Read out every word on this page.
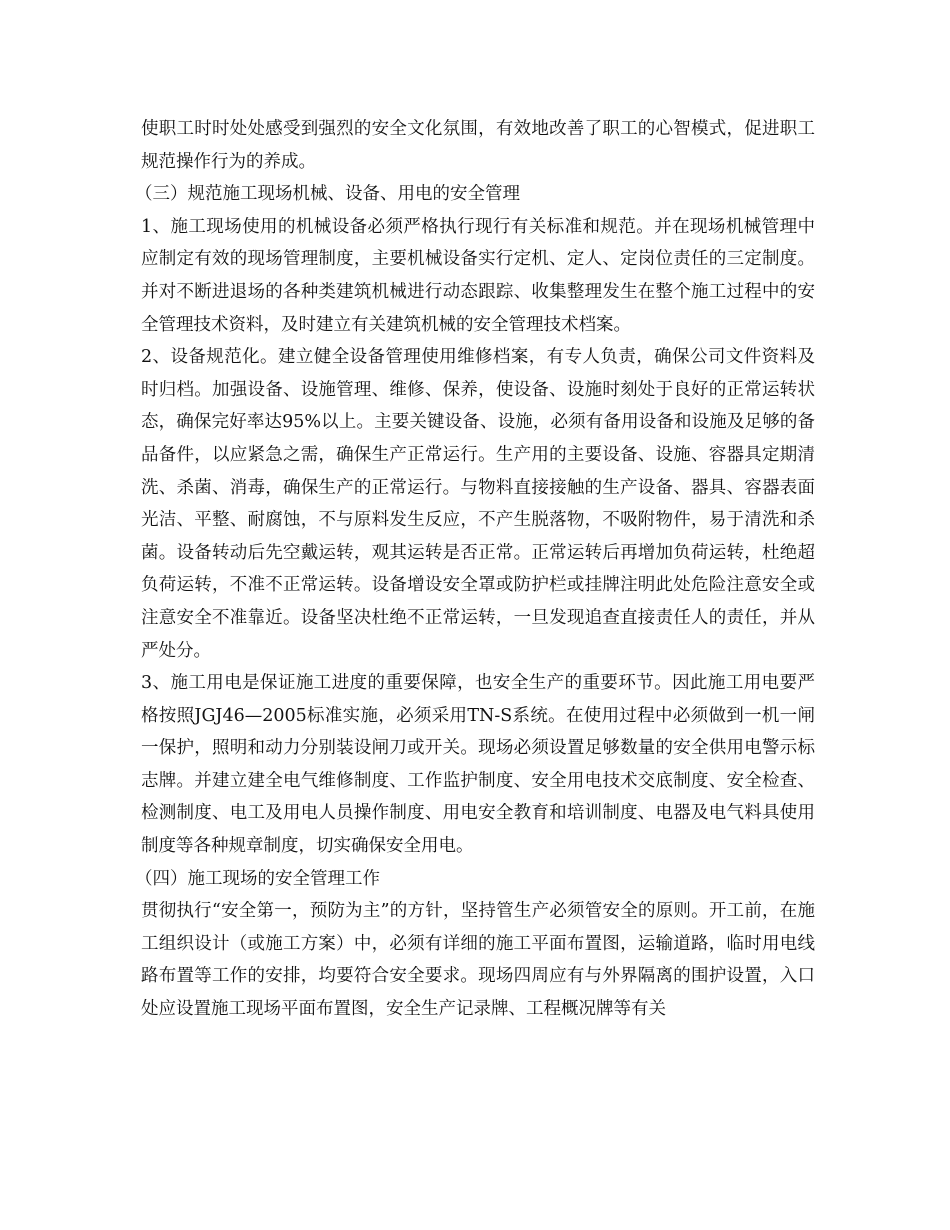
使职工时时处处感受到强烈的安全文化氛围，有效地改善了职工的心智模式，促进职工规范操作行为的养成。

（三）规范施工现场机械、设备、用电的安全管理

1、施工现场使用的机械设备必须严格执行现行有关标准和规范。并在现场机械管理中应制定有效的现场管理制度，主要机械设备实行定机、定人、定岗位责任的三定制度。并对不断进退场的各种类建筑机械进行动态跟踪、收集整理发生在整个施工过程中的安全管理技术资料，及时建立有关建筑机械的安全管理技术档案。

2、设备规范化。建立健全设备管理使用维修档案，有专人负责，确保公司文件资料及时归档。加强设备、设施管理、维修、保养，使设备、设施时刻处于良好的正常运转状态，确保完好率达95%以上。主要关键设备、设施，必须有备用设备和设施及足够的备品备件，以应紧急之需，确保生产正常运行。生产用的主要设备、设施、容器具定期清洗、杀菌、消毒，确保生产的正常运行。与物料直接接触的生产设备、器具、容器表面光洁、平整、耐腐蚀，不与原料发生反应，不产生脱落物，不吸附物件，易于清洗和杀菌。设备转动后先空戴运转，观其运转是否正常。正常运转后再增加负荷运转，杜绝超负荷运转，不准不正常运转。设备增设安全罩或防护栏或挂牌注明此处危险注意安全或注意安全不准靠近。设备坚决杜绝不正常运转，一旦发现追查直接责任人的责任，并从严处分。

3、施工用电是保证施工进度的重要保障，也安全生产的重要环节。因此施工用电要严格按照JGJ46—2005标准实施，必须采用TN-S系统。在使用过程中必须做到一机一闸一保护，照明和动力分别装设闸刀或开关。现场必须设置足够数量的安全供用电警示标志牌。并建立建全电气维修制度、工作监护制度、安全用电技术交底制度、安全检查、检测制度、电工及用电人员操作制度、用电安全教育和培训制度、电器及电气料具使用制度等各种规章制度，切实确保安全用电。

（四）施工现场的安全管理工作

贯彻执行“安全第一，预防为主”的方针，坚持管生产必须管安全的原则。开工前，在施工组织设计（或施工方案）中，必须有详细的施工平面布置图，运输道路，临时用电线路布置等工作的安排，均要符合安全要求。现场四周应有与外界隔离的围护设置，入口处应设置施工现场平面布置图，安全生产记录牌、工程概况牌等有关
